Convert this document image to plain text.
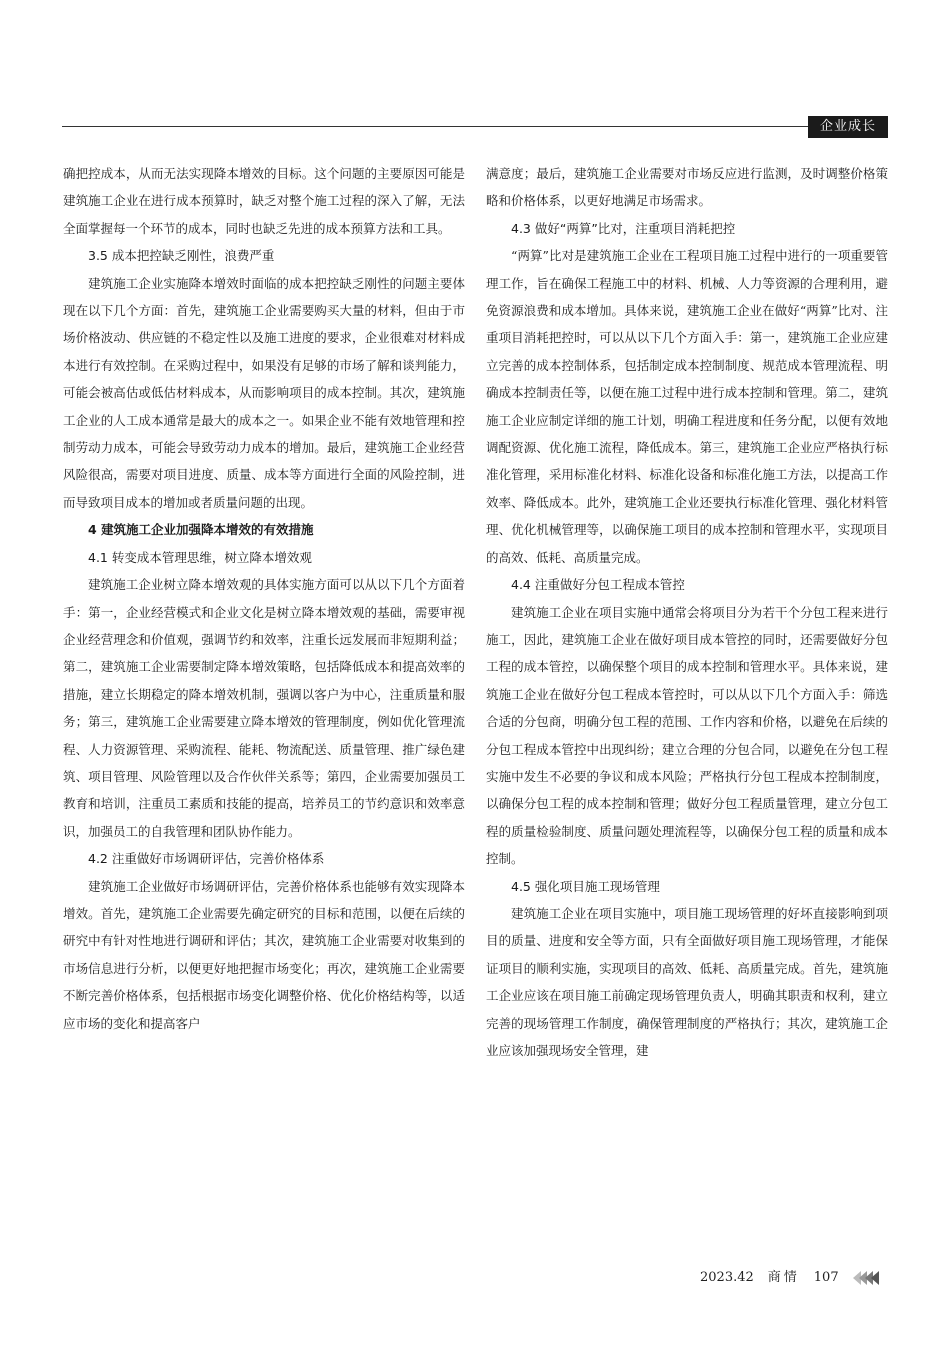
企业成长

确把控成本，从而无法实现降本增效的目标。这个问题的主要原因可能是建筑施工企业在进行成本预算时，缺乏对整个施工过程的深入了解，无法全面掌握每一个环节的成本，同时也缺乏先进的成本预算方法和工具。

3.5 成本把控缺乏刚性，浪费严重

建筑施工企业实施降本增效时面临的成本把控缺乏刚性的问题主要体现在以下几个方面：首先，建筑施工企业需要购买大量的材料，但由于市场价格波动、供应链的不稳定性以及施工进度的要求，企业很难对材料成本进行有效控制。在采购过程中，如果没有足够的市场了解和谈判能力，可能会被高估或低估材料成本，从而影响项目的成本控制。其次，建筑施工企业的人工成本通常是最大的成本之一。如果企业不能有效地管理和控制劳动力成本，可能会导致劳动力成本的增加。最后，建筑施工企业经营风险很高，需要对项目进度、质量、成本等方面进行全面的风险控制，进而导致项目成本的增加或者质量问题的出现。

4 建筑施工企业加强降本增效的有效措施
4.1 转变成本管理思维，树立降本增效观

建筑施工企业树立降本增效观的具体实施方面可以从以下几个方面着手：第一，企业经营模式和企业文化是树立降本增效观的基础，需要审视企业经营理念和价值观，强调节约和效率，注重长远发展而非短期利益；第二，建筑施工企业需要制定降本增效策略，包括降低成本和提高效率的措施，建立长期稳定的降本增效机制，强调以客户为中心，注重质量和服务；第三，建筑施工企业需要建立降本增效的管理制度，例如优化管理流程、人力资源管理、采购流程、能耗、物流配送、质量管理、推广绿色建筑、项目管理、风险管理以及合作伙伴关系等；第四，企业需要加强员工教育和培训，注重员工素质和技能的提高，培养员工的节约意识和效率意识，加强员工的自我管理和团队协作能力。

4.2 注重做好市场调研评估，完善价格体系

建筑施工企业做好市场调研评估，完善价格体系也能够有效实现降本增效。首先，建筑施工企业需要先确定研究的目标和范围，以便在后续的研究中有针对性地进行调研和评估；其次，建筑施工企业需要对收集到的市场信息进行分析，以便更好地把握市场变化；再次，建筑施工企业需要不断完善价格体系，包括根据市场变化调整价格、优化价格结构等，以适应市场的变化和提高客户

满意度；最后，建筑施工企业需要对市场反应进行监测，及时调整价格策略和价格体系，以更好地满足市场需求。

4.3 做好“两算”比对，注重项目消耗把控

“两算”比对是建筑施工企业在工程项目施工过程中进行的一项重要管理工作，旨在确保工程施工中的材料、机械、人力等资源的合理利用，避免资源浪费和成本增加。具体来说，建筑施工企业在做好“两算”比对、注重项目消耗把控时，可以从以下几个方面入手：第一，建筑施工企业应建立完善的成本控制体系，包括制定成本控制制度、规范成本管理流程、明确成本控制责任等，以便在施工过程中进行成本控制和管理。第二，建筑施工企业应制定详细的施工计划，明确工程进度和任务分配，以便有效地调配资源、优化施工流程，降低成本。第三，建筑施工企业应严格执行标准化管理，采用标准化材料、标准化设备和标准化施工方法，以提高工作效率、降低成本。此外，建筑施工企业还要执行标准化管理、强化材料管理、优化机械管理等，以确保施工项目的成本控制和管理水平，实现项目的高效、低耗、高质量完成。

4.4 注重做好分包工程成本管控

建筑施工企业在项目实施中通常会将项目分为若干个分包工程来进行施工，因此，建筑施工企业在做好项目成本管控的同时，还需要做好分包工程的成本管控，以确保整个项目的成本控制和管理水平。具体来说，建筑施工企业在做好分包工程成本管控时，可以从以下几个方面入手：筛选合适的分包商，明确分包工程的范围、工作内容和价格，以避免在后续的分包工程成本管控中出现纠纷；建立合理的分包合同，以避免在分包工程实施中发生不必要的争议和成本风险；严格执行分包工程成本控制制度，以确保分包工程的成本控制和管理；做好分包工程质量管理，建立分包工程的质量检验制度、质量问题处理流程等，以确保分包工程的质量和成本控制。

4.5 强化项目施工现场管理

建筑施工企业在项目实施中，项目施工现场管理的好坏直接影响到项目的质量、进度和安全等方面，只有全面做好项目施工现场管理，才能保证项目的顺利实施，实现项目的高效、低耗、高质量完成。首先，建筑施工企业应该在项目施工前确定现场管理负责人，明确其职责和权利，建立完善的现场管理工作制度，确保管理制度的严格执行；其次，建筑施工企业应该加强现场安全管理，建

2023.42 商情 107
